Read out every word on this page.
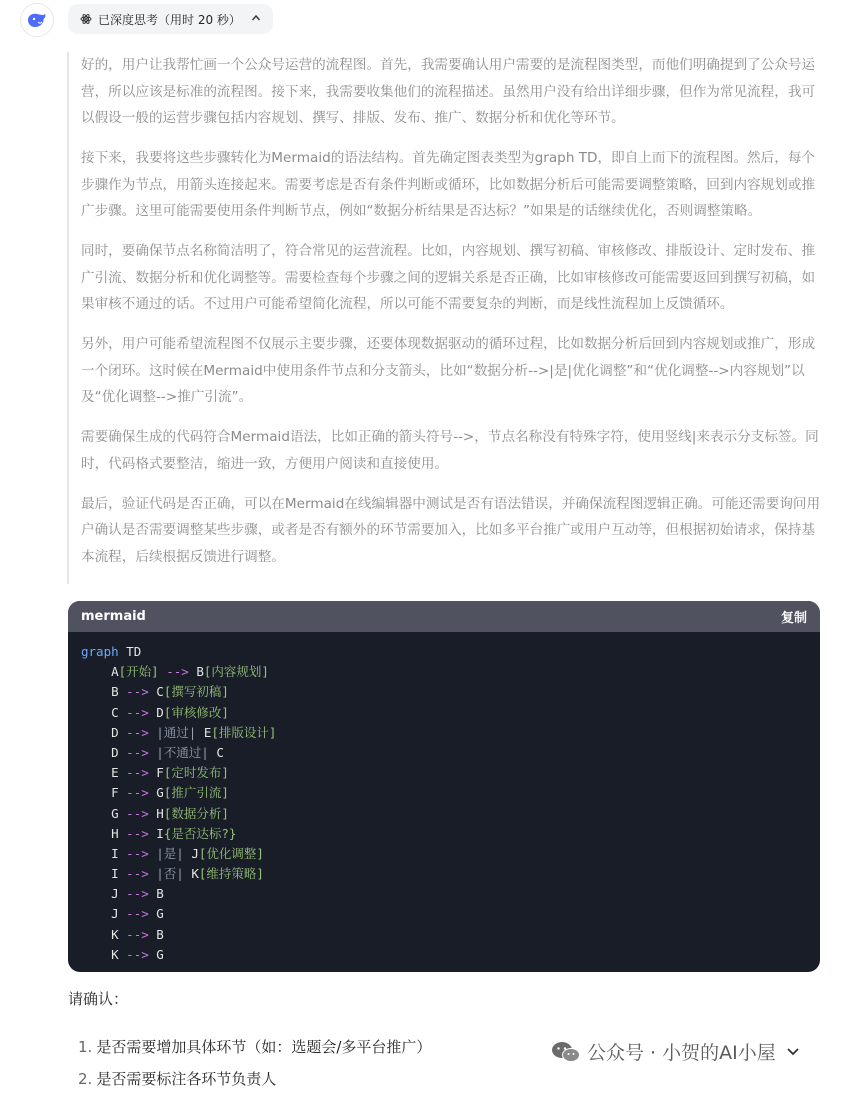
已深度思考（用时 20 秒）

好的，用户让我帮忙画一个公众号运营的流程图。首先，我需要确认用户需要的是流程图类型，而他们明确提到了公众号运营，所以应该是标准的流程图。接下来，我需要收集他们的流程描述。虽然用户没有给出详细步骤，但作为常见流程，我可以假设一般的运营步骤包括内容规划、撰写、排版、发布、推广、数据分析和优化等环节。

接下来，我要将这些步骤转化为Mermaid的语法结构。首先确定图表类型为graph TD，即自上而下的流程图。然后，每个步骤作为节点，用箭头连接起来。需要考虑是否有条件判断或循环，比如数据分析后可能需要调整策略，回到内容规划或推广步骤。这里可能需要使用条件判断节点，例如“数据分析结果是否达标？”如果是的话继续优化，否则调整策略。

同时，要确保节点名称简洁明了，符合常见的运营流程。比如，内容规划、撰写初稿、审核修改、排版设计、定时发布、推广引流、数据分析和优化调整等。需要检查每个步骤之间的逻辑关系是否正确，比如审核修改可能需要返回到撰写初稿，如果审核不通过的话。不过用户可能希望简化流程，所以可能不需要复杂的判断，而是线性流程加上反馈循环。

另外，用户可能希望流程图不仅展示主要步骤，还要体现数据驱动的循环过程，比如数据分析后回到内容规划或推广，形成一个闭环。这时候在Mermaid中使用条件节点和分支箭头，比如“数据分析-->|是|优化调整”和“优化调整-->内容规划”以及“优化调整-->推广引流”。

需要确保生成的代码符合Mermaid语法，比如正确的箭头符号-->，节点名称没有特殊字符，使用竖线|来表示分支标签。同时，代码格式要整洁，缩进一致，方便用户阅读和直接使用。

最后，验证代码是否正确，可以在Mermaid在线编辑器中测试是否有语法错误，并确保流程图逻辑正确。可能还需要询问用户确认是否需要调整某些步骤，或者是否有额外的环节需要加入，比如多平台推广或用户互动等，但根据初始请求，保持基本流程，后续根据反馈进行调整。

mermaid	复制
graph TD
A[开始] --> B[内容规划]
B --> C[撰写初稿]
C --> D[审核修改]
D --> |通过| E[排版设计]
D --> |不通过| C
E --> F[定时发布]
F --> G[推广引流]
G --> H[数据分析]
H --> I{是否达标?}
I --> |是| J[优化调整]
I --> |否| K[维持策略]
J --> B
J --> G
K --> B
K --> G
请确认：
1. 是否需要增加具体环节（如：选题会/多平台推广）
2. 是否需要标注各环节负责人
公众号 · 小贺的AI小屋
